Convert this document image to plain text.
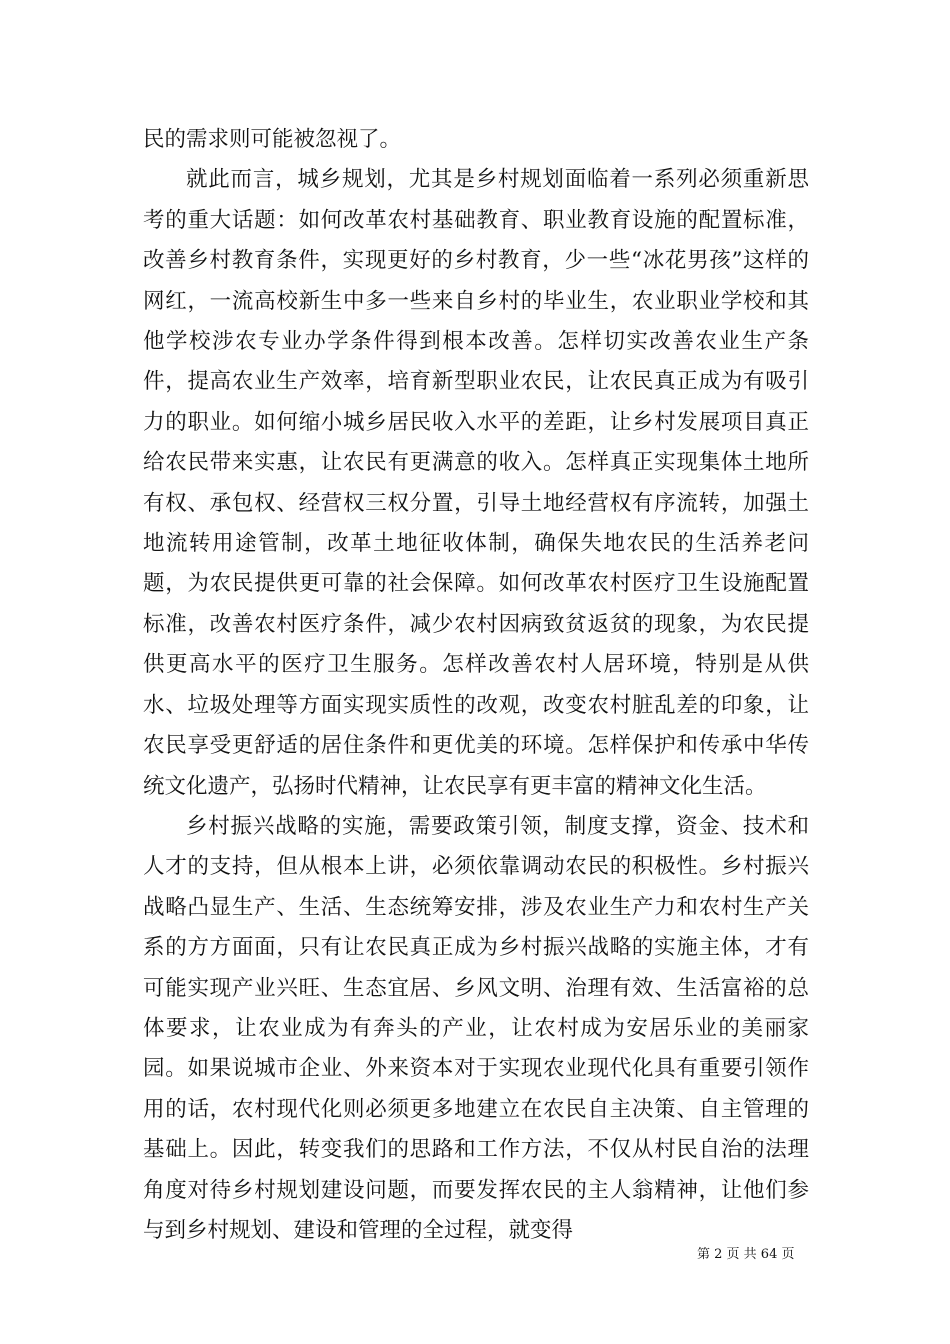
民的需求则可能被忽视了。

就此而言，城乡规划，尤其是乡村规划面临着一系列必须重新思考的重大话题：如何改革农村基础教育、职业教育设施的配置标准，改善乡村教育条件，实现更好的乡村教育，少一些“冰花男孩”这样的网红，一流高校新生中多一些来自乡村的毕业生，农业职业学校和其他学校涉农专业办学条件得到根本改善。怎样切实改善农业生产条件，提高农业生产效率，培育新型职业农民，让农民真正成为有吸引力的职业。如何缩小城乡居民收入水平的差距，让乡村发展项目真正给农民带来实惠，让农民有更满意的收入。怎样真正实现集体土地所有权、承包权、经营权三权分置，引导土地经营权有序流转，加强土地流转用途管制，改革土地征收体制，确保失地农民的生活养老问题，为农民提供更可靠的社会保障。如何改革农村医疗卫生设施配置标准，改善农村医疗条件，减少农村因病致贫返贫的现象，为农民提供更高水平的医疗卫生服务。怎样改善农村人居环境，特别是从供水、垃圾处理等方面实现实质性的改观，改变农村脏乱差的印象，让农民享受更舒适的居住条件和更优美的环境。怎样保护和传承中华传统文化遗产，弘扬时代精神，让农民享有更丰富的精神文化生活。

乡村振兴战略的实施，需要政策引领，制度支撑，资金、技术和人才的支持，但从根本上讲，必须依靠调动农民的积极性。乡村振兴战略凸显生产、生活、生态统筹安排，涉及农业生产力和农村生产关系的方方面面，只有让农民真正成为乡村振兴战略的实施主体，才有可能实现产业兴旺、生态宜居、乡风文明、治理有效、生活富裕的总体要求，让农业成为有奔头的产业，让农村成为安居乐业的美丽家园。如果说城市企业、外来资本对于实现农业现代化具有重要引领作用的话，农村现代化则必须更多地建立在农民自主决策、自主管理的基础上。因此，转变我们的思路和工作方法，不仅从村民自治的法理角度对待乡村规划建设问题，而要发挥农民的主人翁精神，让他们参与到乡村规划、建设和管理的全过程，就变得

第 2 页 共 64 页
